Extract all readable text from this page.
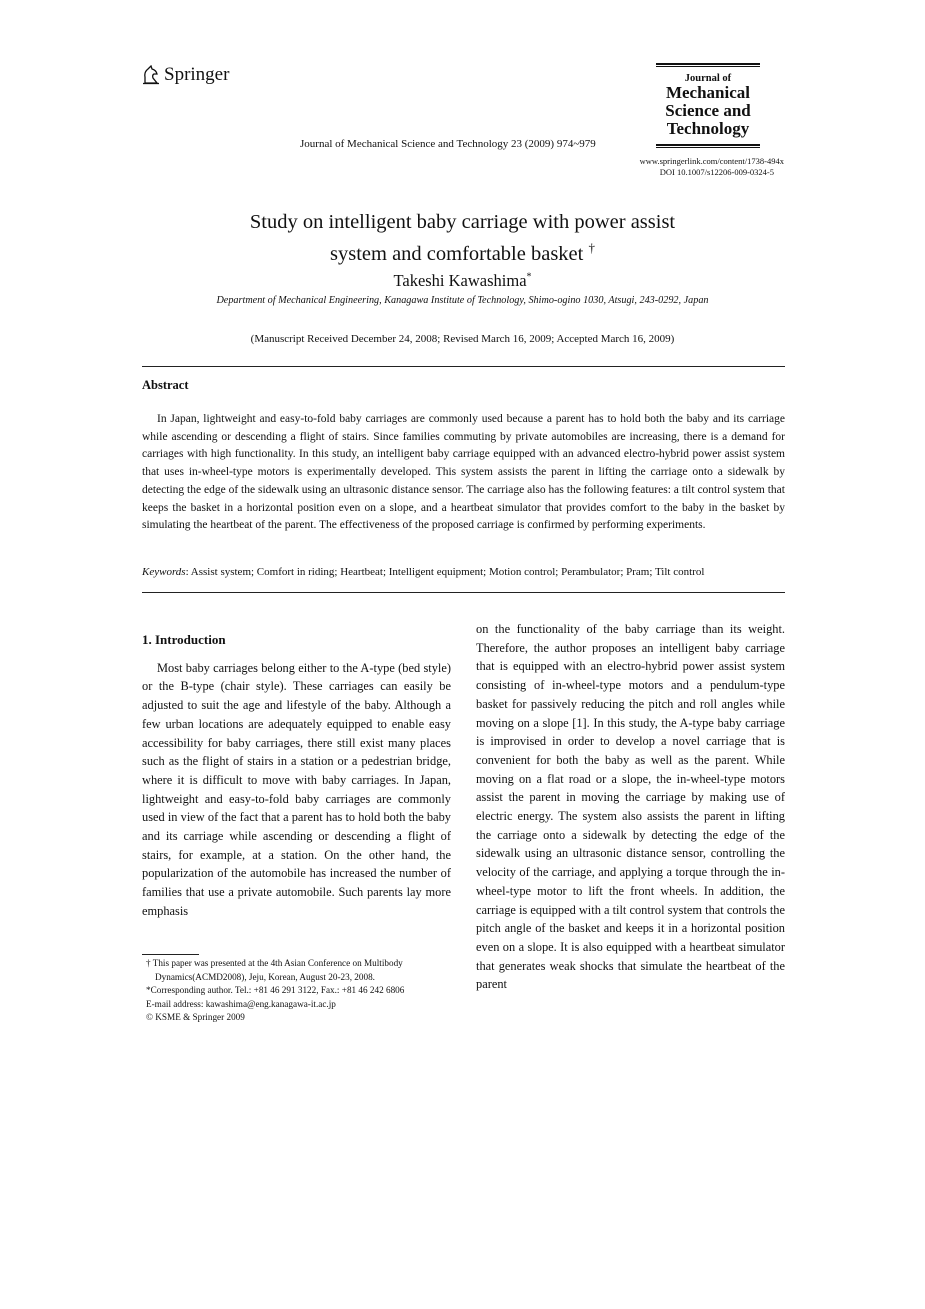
Springer	Journal of
Mechanical
Science and
Technology
Journal of Mechanical Science and Technology 23 (2009) 974~979
www.springerlink.com/content/1738-494x
DOI 10.1007/s12206-009-0324-5
Study on intelligent baby carriage with power assist
system and comfortable basket †
Takeshi Kawashima*
Department of Mechanical Engineering, Kanagawa Institute of Technology, Shimo-ogino 1030, Atsugi, 243-0292, Japan
(Manuscript Received December 24, 2008; Revised March 16, 2009; Accepted March 16, 2009)
Abstract
In Japan, lightweight and easy-to-fold baby carriages are commonly used because a parent has to hold both the baby and its carriage while ascending or descending a flight of stairs. Since families commuting by private automobiles are increasing, there is a demand for carriages with high functionality. In this study, an intelligent baby carriage equipped with an advanced electro-hybrid power assist system that uses in-wheel-type motors is experimentally developed. This system assists the parent in lifting the carriage onto a sidewalk by detecting the edge of the sidewalk using an ultrasonic distance sensor. The carriage also has the following features: a tilt control system that keeps the basket in a horizontal position even on a slope, and a heartbeat simulator that provides comfort to the baby in the basket by simulating the heartbeat of the parent. The effectiveness of the proposed carriage is confirmed by performing experiments.
Keywords: Assist system; Comfort in riding; Heartbeat; Intelligent equipment; Motion control; Perambulator; Pram; Tilt control
1. Introduction

Most baby carriages belong either to the A-type (bed style) or the B-type (chair style). These carriages can easily be adjusted to suit the age and lifestyle of the baby. Although a few urban locations are adequately equipped to enable easy accessibility for baby carriages, there still exist many places such as the flight of stairs in a station or a pedestrian bridge, where it is difficult to move with baby carriages. In Japan, lightweight and easy-to-fold baby carriages are commonly used in view of the fact that a parent has to hold both the baby and its carriage while ascending or descending a flight of stairs, for example, at a station. On the other hand, the popularization of the automobile has increased the number of families that use a private automobile. Such parents lay more emphasis

on the functionality of the baby carriage than its weight. Therefore, the author proposes an intelligent baby carriage that is equipped with an electro-hybrid power assist system consisting of in-wheel-type motors and a pendulum-type basket for passively reducing the pitch and roll angles while moving on a slope [1]. In this study, the A-type baby carriage is improvised in order to develop a novel carriage that is convenient for both the baby as well as the parent. While moving on a flat road or a slope, the in-wheel-type motors assist the parent in moving the carriage by making use of electric energy. The system also assists the parent in lifting the carriage onto a sidewalk by detecting the edge of the sidewalk using an ultrasonic distance sensor, controlling the velocity of the carriage, and applying a torque through the in-wheel-type motor to lift the front wheels. In addition, the carriage is equipped with a tilt control system that controls the pitch angle of the basket and keeps it in a horizontal position even on a slope. It is also equipped with a heartbeat simulator that generates weak shocks that simulate the heartbeat of the parent

† This paper was presented at the 4th Asian Conference on Multibody
Dynamics(ACMD2008), Jeju, Korean, August 20-23, 2008.
*Corresponding author. Tel.: +81 46 291 3122, Fax.: +81 46 242 6806
E-mail address: kawashima@eng.kanagawa-it.ac.jp
© KSME & Springer 2009
